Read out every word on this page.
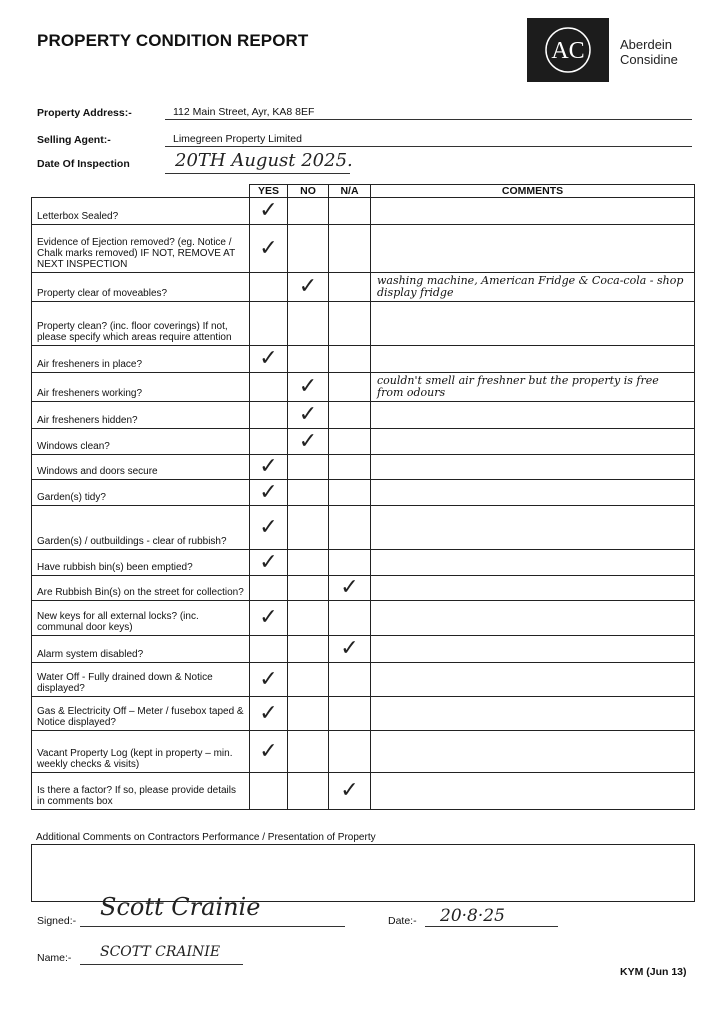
PROPERTY CONDITION REPORT	AC	Aberdein
Considine
Property Address:-	112 Main Street, Ayr, KA8 8EF
Selling Agent:-	Limegreen Property Limited
Date Of Inspection	20TH August 2025.
	YES	NO	N/A	COMMENTS
Letterbox Sealed?	✓			
Evidence of Ejection removed? (eg. Notice / Chalk marks removed) IF NOT, REMOVE AT NEXT INSPECTION	✓			
Property clear of moveables?		✓		washing machine, American Fridge & Coca-cola - shop display fridge
Property clean? (inc. floor coverings) If not, please specify which areas require attention				
Air fresheners in place?	✓			
Air fresheners working?		✓		couldn't smell air freshner but the property is free from odours
Air fresheners hidden?		✓		
Windows clean?		✓		
Windows and doors secure	✓			
Garden(s) tidy?	✓			
Garden(s) / outbuildings - clear of rubbish?	✓			
Have rubbish bin(s) been emptied?	✓			
Are Rubbish Bin(s) on the street for collection?			✓	
New keys for all external locks? (inc. communal door keys)	✓			
Alarm system disabled?			✓	
Water Off - Fully drained down & Notice displayed?	✓			
Gas & Electricity Off – Meter / fusebox taped & Notice displayed?	✓			
Vacant Property Log (kept in property – min. weekly checks & visits)	✓			
Is there a factor? If so, please provide details in comments box			✓	
Additional Comments on Contractors Performance / Presentation of Property
Signed:- Scott Crainie	Date:- 20·8·25
Name:- SCOTT CRAINIE
KYM (Jun 13)
